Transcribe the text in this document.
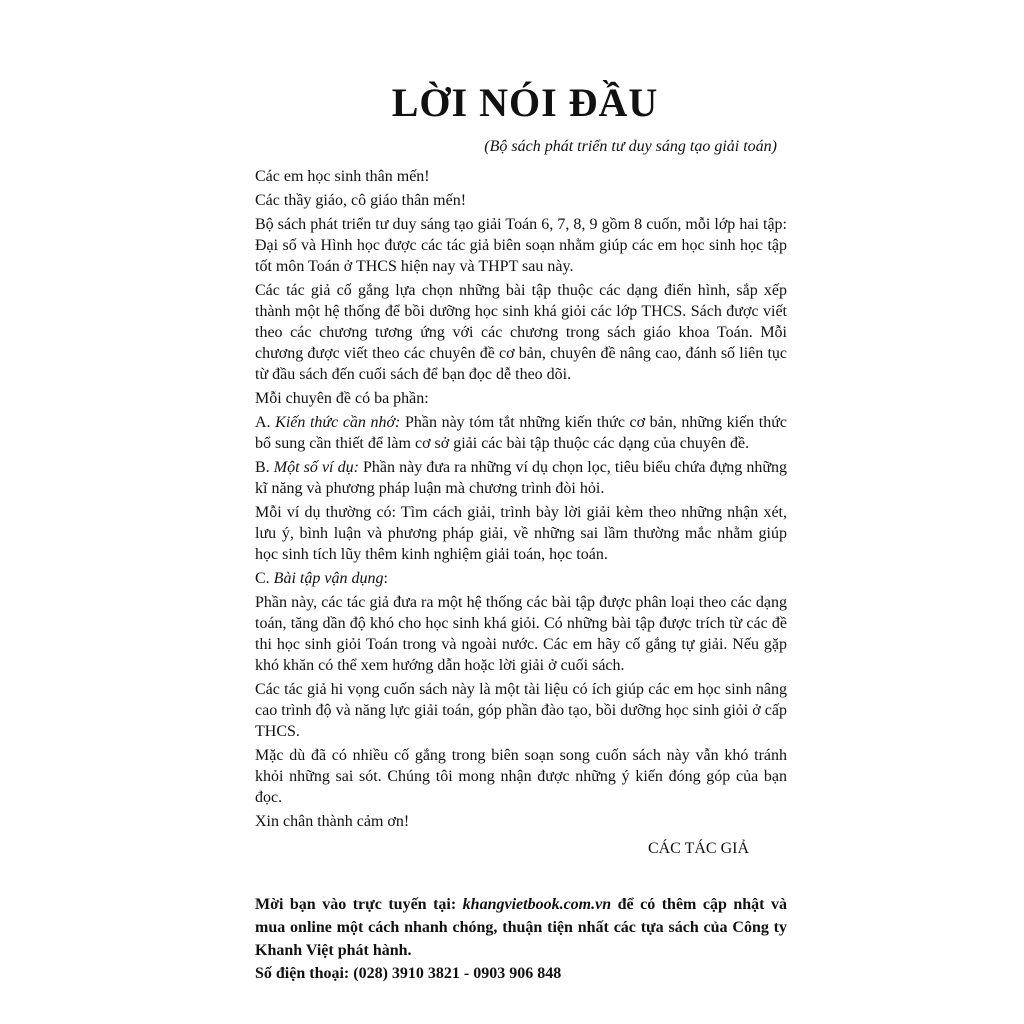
LỜI NÓI ĐẦU
(Bộ sách phát triển tư duy sáng tạo giải toán)

Các em học sinh thân mến!

Các thầy giáo, cô giáo thân mến!

Bộ sách phát triển tư duy sáng tạo giải Toán 6, 7, 8, 9 gồm 8 cuốn, mỗi lớp hai tập: Đại số và Hình học được các tác giả biên soạn nhằm giúp các em học sinh học tập tốt môn Toán ở THCS hiện nay và THPT sau này.

Các tác giả cố gắng lựa chọn những bài tập thuộc các dạng điển hình, sắp xếp thành một hệ thống để bồi dưỡng học sinh khá giỏi các lớp THCS. Sách được viết theo các chương tương ứng với các chương trong sách giáo khoa Toán. Mỗi chương được viết theo các chuyên đề cơ bản, chuyên đề nâng cao, đánh số liên tục từ đầu sách đến cuối sách để bạn đọc dễ theo dõi.

Mỗi chuyên đề có ba phần:

A. Kiến thức cần nhớ: Phần này tóm tắt những kiến thức cơ bản, những kiến thức bổ sung cần thiết để làm cơ sở giải các bài tập thuộc các dạng của chuyên đề.

B. Một số ví dụ: Phần này đưa ra những ví dụ chọn lọc, tiêu biểu chứa đựng những kĩ năng và phương pháp luận mà chương trình đòi hỏi.

Mỗi ví dụ thường có: Tìm cách giải, trình bày lời giải kèm theo những nhận xét, lưu ý, bình luận và phương pháp giải, về những sai lầm thường mắc nhằm giúp học sinh tích lũy thêm kinh nghiệm giải toán, học toán.

C. Bài tập vận dụng:

Phần này, các tác giả đưa ra một hệ thống các bài tập được phân loại theo các dạng toán, tăng dần độ khó cho học sinh khá giỏi. Có những bài tập được trích từ các đề thi học sinh giỏi Toán trong và ngoài nước. Các em hãy cố gắng tự giải. Nếu gặp khó khăn có thể xem hướng dẫn hoặc lời giải ở cuối sách.

Các tác giả hi vọng cuốn sách này là một tài liệu có ích giúp các em học sinh nâng cao trình độ và năng lực giải toán, góp phần đào tạo, bồi dưỡng học sinh giỏi ở cấp THCS.

Mặc dù đã có nhiều cố gắng trong biên soạn song cuốn sách này vẫn khó tránh khỏi những sai sót. Chúng tôi mong nhận được những ý kiến đóng góp của bạn đọc.

Xin chân thành cảm ơn!

CÁC TÁC GIẢ
Mời bạn vào trực tuyến tại: khangvietbook.com.vn để có thêm cập nhật và mua online một cách nhanh chóng, thuận tiện nhất các tựa sách của Công ty Khanh Việt phát hành.
Số điện thoại: (028) 3910 3821 - 0903 906 848
